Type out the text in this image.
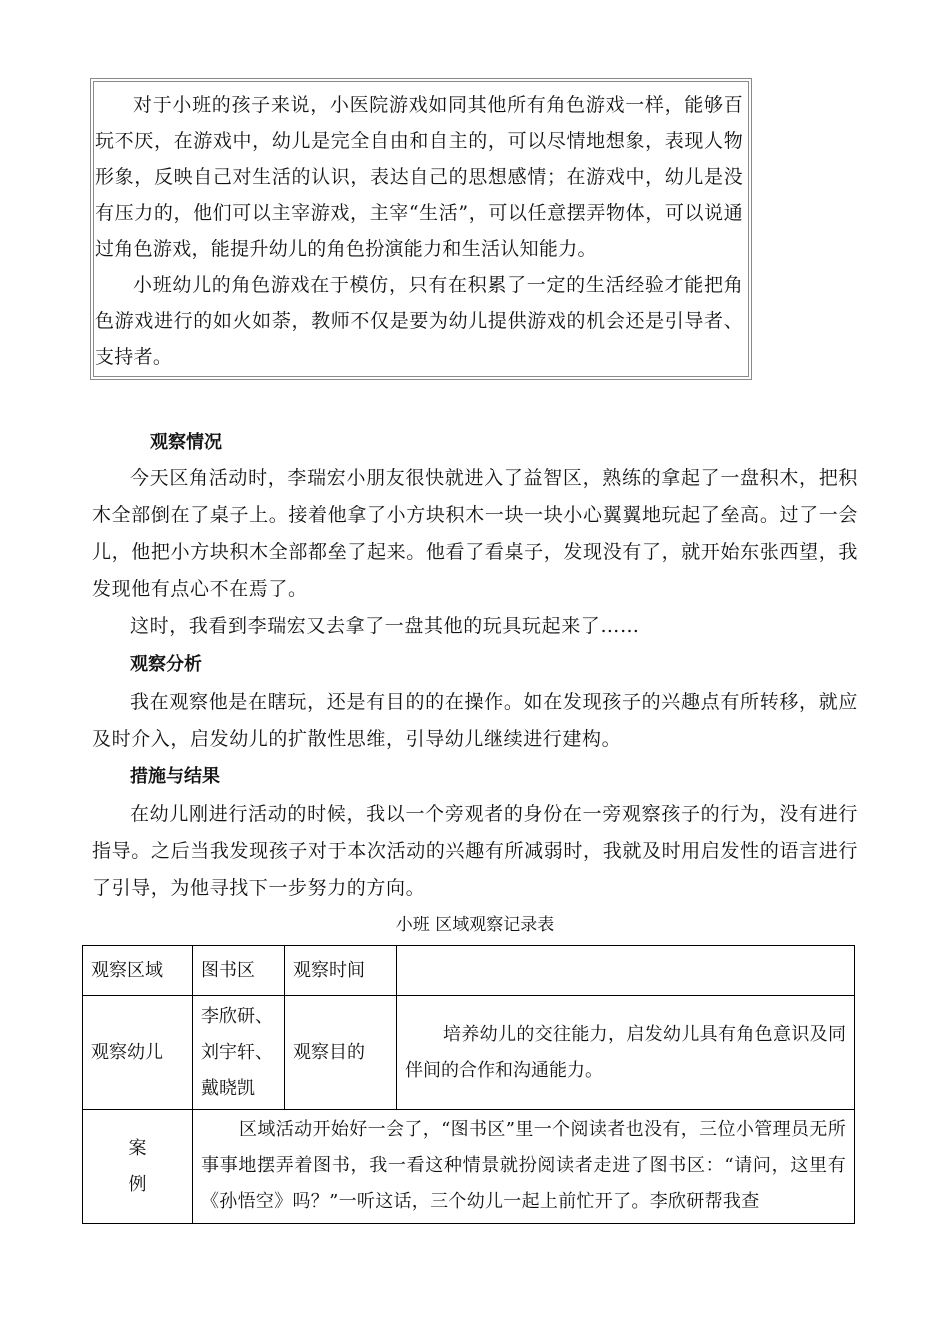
对于小班的孩子来说，小医院游戏如同其他所有角色游戏一样，能够百玩不厌，在游戏中，幼儿是完全自由和自主的，可以尽情地想象，表现人物形象，反映自己对生活的认识，表达自己的思想感情；在游戏中，幼儿是没有压力的，他们可以主宰游戏，主宰“生活”，可以任意摆弄物体，可以说通过角色游戏，能提升幼儿的角色扮演能力和生活认知能力。

小班幼儿的角色游戏在于模仿，只有在积累了一定的生活经验才能把角色游戏进行的如火如荼，教师不仅是要为幼儿提供游戏的机会还是引导者、支持者。

观察情况

今天区角活动时，李瑞宏小朋友很快就进入了益智区，熟练的拿起了一盘积木，把积木全部倒在了桌子上。接着他拿了小方块积木一块一块小心翼翼地玩起了垒高。过了一会儿，他把小方块积木全部都垒了起来。他看了看桌子，发现没有了，就开始东张西望，我发现他有点心不在焉了。

这时，我看到李瑞宏又去拿了一盘其他的玩具玩起来了……

观察分析

我在观察他是在瞎玩，还是有目的的在操作。如在发现孩子的兴趣点有所转移，就应及时介入，启发幼儿的扩散性思维，引导幼儿继续进行建构。

措施与结果

在幼儿刚进行活动的时候，我以一个旁观者的身份在一旁观察孩子的行为，没有进行指导。之后当我发现孩子对于本次活动的兴趣有所减弱时，我就及时用启发性的语言进行了引导，为他寻找下一步努力的方向。

小班 区域观察记录表
观察区域	图书区	观察时间	
观察幼儿	李欣研、
刘宇轩、
戴晓凯	观察目的	培养幼儿的交往能力，启发幼儿具有角色意识及同伴间的合作和沟通能力。

案
例	区域活动开始好一会了，“图书区”里一个阅读者也没有，三位小管理员无所事事地摆弄着图书，我一看这种情景就扮阅读者走进了图书区：“请问，这里有《孙悟空》吗？”一听这话，三个幼儿一起上前忙开了。李欣研帮我查		
